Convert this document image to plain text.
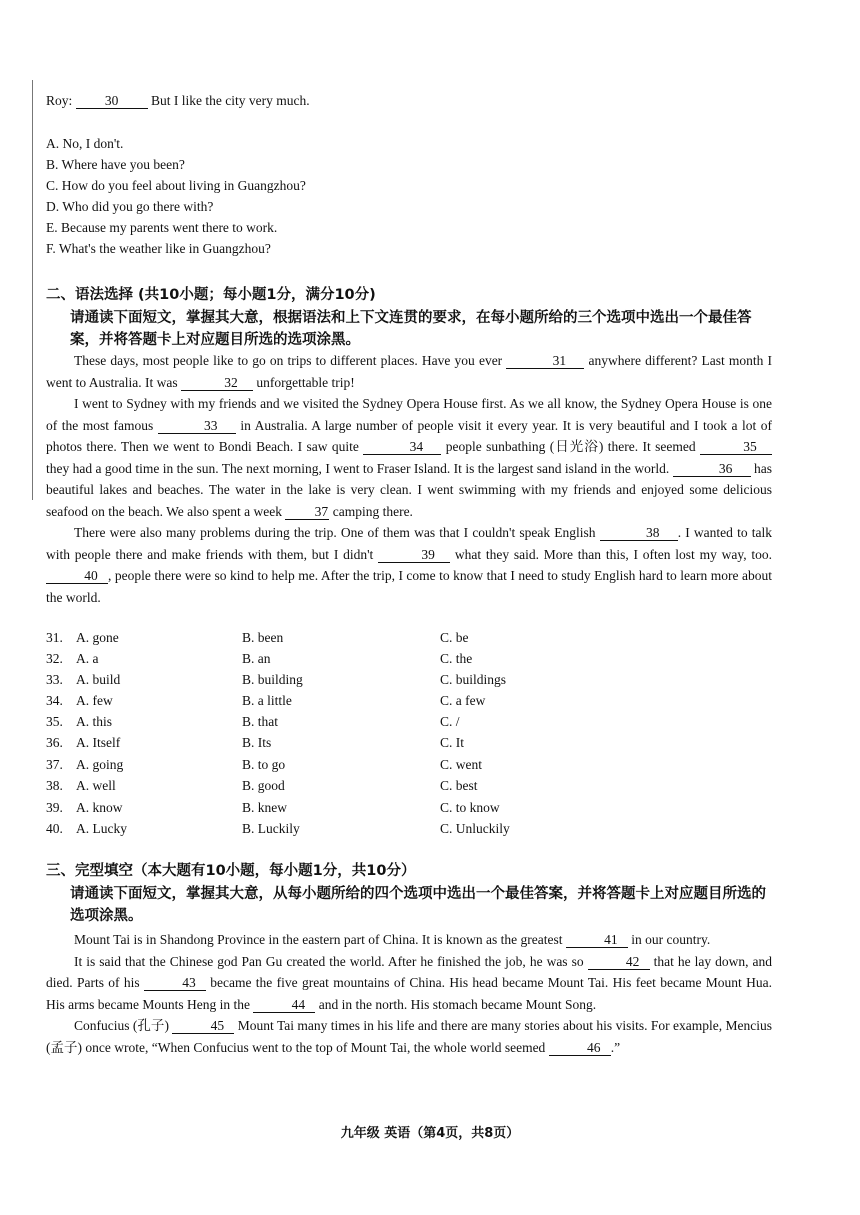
Roy: 30 But I like the city very much.
A. No, I don't.
B. Where have you been?
C. How do you feel about living in Guangzhou?
D. Who did you go there with?
E. Because my parents went there to work.
F. What's the weather like in Guangzhou?
二、语法选择 (共10小题；每小题1分，满分10分)
请通读下面短文，掌握其大意，根据语法和上下文连贯的要求，在每小题所给的三个选项中选出一个最佳答案，并将答题卡上对应题目所选的选项涂黑。
These days, most people like to go on trips to different places. Have you ever	31 anywhere different? Last month I went to Australia. It was	32 unforgettable trip!
I went to Sydney with my friends and we visited the Sydney Opera House first. As we all know, the Sydney Opera House is one of the most famous	33 in Australia. A large number of people visit it every year. It is very beautiful and I took a lot of photos there. Then we went to Bondi Beach. I saw quite	34 people sunbathing (日光浴) there. It seemed	35 they had a good time in the sun. The next morning, I went to Fraser Island. It is the largest sand island in the world.	36 has beautiful lakes and beaches. The water in the lake is very clean. I went swimming with my friends and enjoyed some delicious seafood on the beach. We also spent a week 37 camping there.
There were also many problems during the trip. One of them was that I couldn't speak English	38 . I wanted to talk with people there and make friends with them, but I didn't	39 what they said. More than this, I often lost my way, too. 40 , people there were so kind to help me. After the trip, I come to know that I need to study English hard to learn more about the world.
31. A. gone	B. been	C. be
32. A. a	B. an	C. the
33. A. build	B. building	C. buildings
34. A. few	B. a little	C. a few
35. A. this	B. that	C. /
36. A. Itself	B. Its	C. It
37. A. going	B. to go	C. went
38. A. well	B. good	C. best
39. A. know	B. knew	C. to know
40. A. Lucky	B. Luckily	C. Unluckily
三、完型填空（本大题有10小题，每小题1分，共10分）
请通读下面短文，掌握其大意，从每小题所给的四个选项中选出一个最佳答案，并将答题卡上对应题目所选的选项涂黑。
Mount Tai is in Shandong Province in the eastern part of China. It is known as the greatest	41 in our country.
It is said that the Chinese god Pan Gu created the world. After he finished the job, he was so	42 that he lay down, and died. Parts of his	43 became the five great mountains of China. His head became Mount Tai. His feet became Mount Hua. His arms became Mounts Heng in the	44 and in the north. His stomach became Mount Song.
Confucius (孔子)	45 Mount Tai many times in his life and there are many stories about his visits. For example, Mencius (孟子) once wrote, “When Confucius went to the top of Mount Tai, the whole world seemed	46 .”
九年级 英语（第4页，共8页）
